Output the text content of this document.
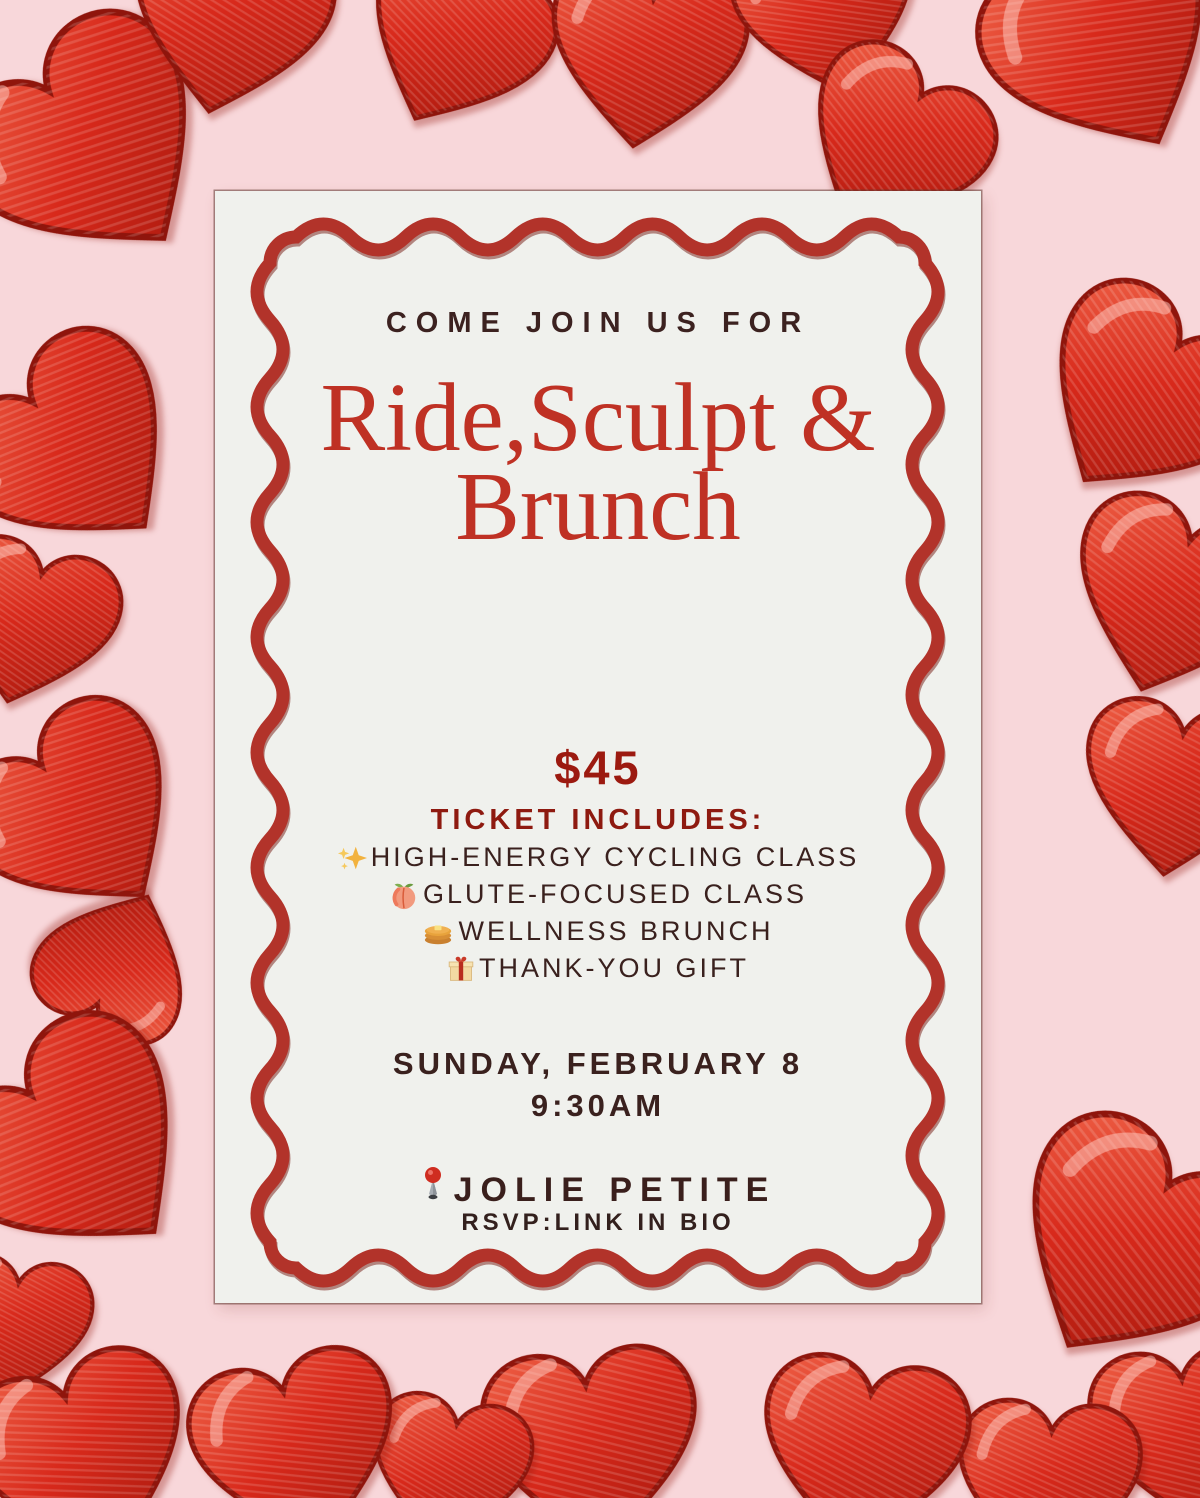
COME JOIN US FOR
Ride,Sculpt &
Brunch
$45
TICKET INCLUDES:
HIGH-ENERGY CYCLING CLASS
GLUTE-FOCUSED CLASS
WELLNESS BRUNCH
THANK-YOU GIFT
SUNDAY, FEBRUARY 8
9:30AM
JOLIE PETITE
RSVP:LINK IN BIO
